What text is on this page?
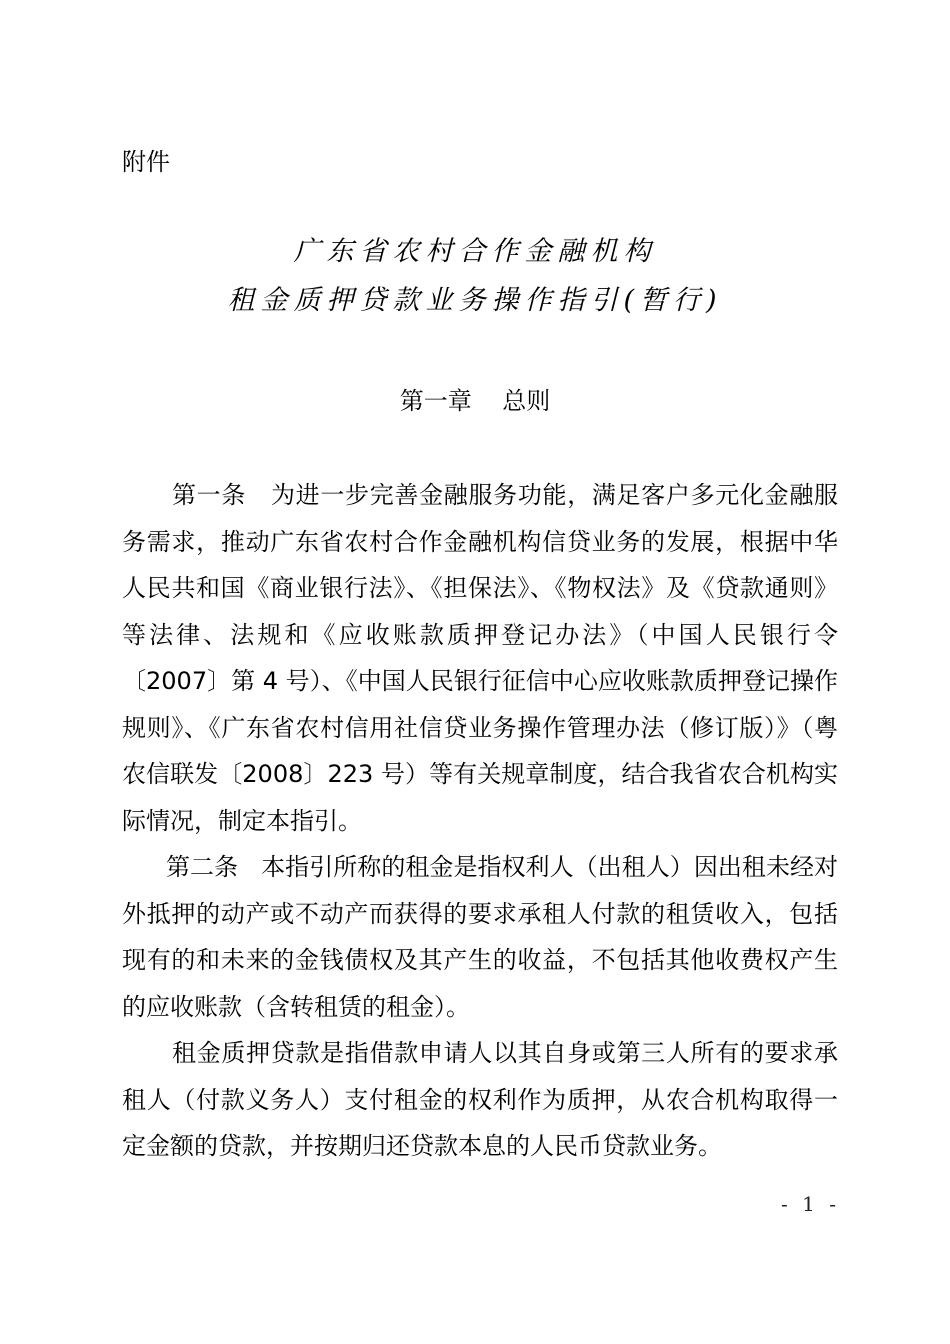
附件
广东省农村合作金融机构
租金质押贷款业务操作指引(暂行)
第一章 总则
第一条 为进一步完善金融服务功能，满足客户多元化金融服务需求，推动广东省农村合作金融机构信贷业务的发展，根据中华人民共和国《商业银行法》、《担保法》、《物权法》及《贷款通则》等法律、法规和《应收账款质押登记办法》（中国人民银行令〔2007〕第 4 号）、《中国人民银行征信中心应收账款质押登记操作规则》、《广东省农村信用社信贷业务操作管理办法（修订版）》（粤农信联发〔2008〕223 号）等有关规章制度，结合我省农合机构实际情况，制定本指引。
第二条 本指引所称的租金是指权利人（出租人）因出租未经对外抵押的动产或不动产而获得的要求承租人付款的租赁收入，包括现有的和未来的金钱债权及其产生的收益，不包括其他收费权产生的应收账款（含转租赁的租金）。
租金质押贷款是指借款申请人以其自身或第三人所有的要求承租人（付款义务人）支付租金的权利作为质押，从农合机构取得一定金额的贷款，并按期归还贷款本息的人民币贷款业务。
- 1 -
